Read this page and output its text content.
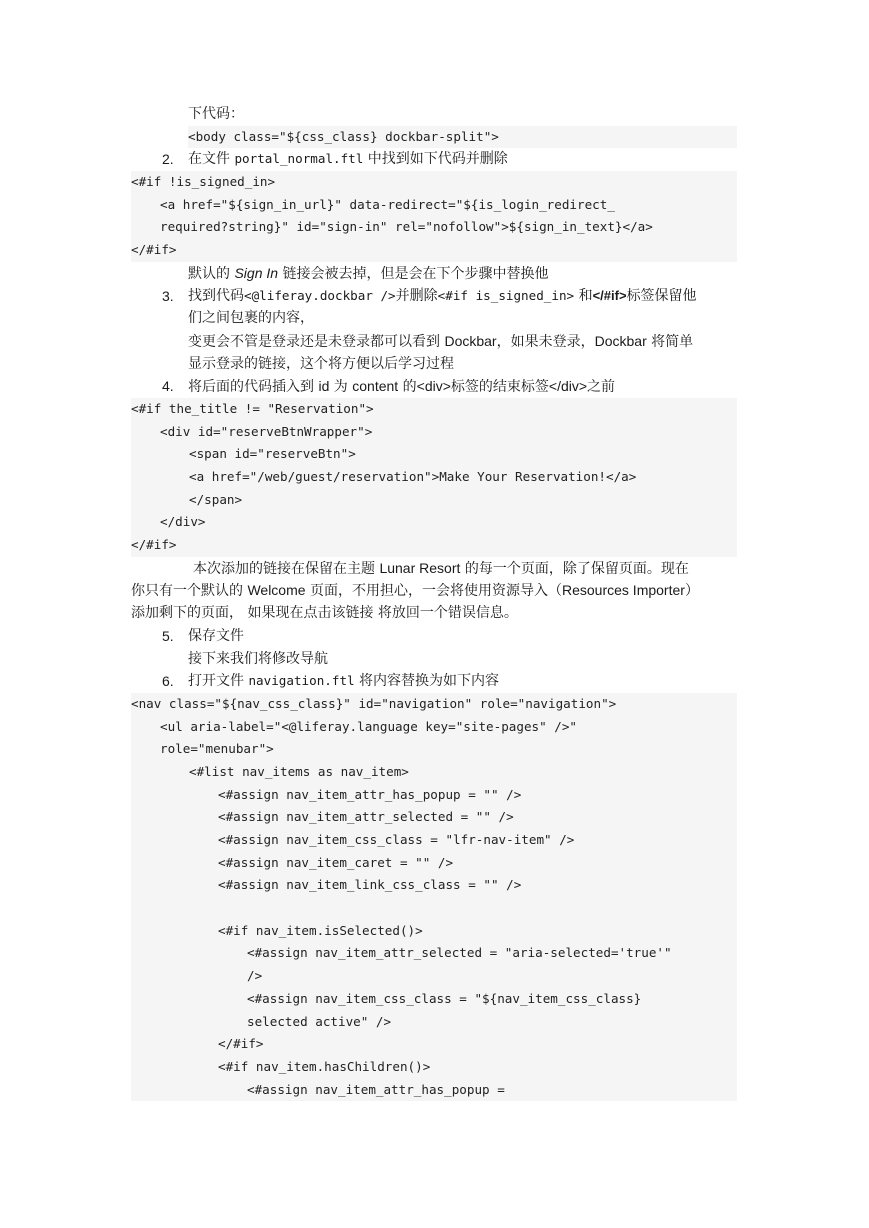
下代码：
<body class="${css_class} dockbar-split">
2. 在文件 portal_normal.ftl 中找到如下代码并删除
<#if !is_signed_in>
<a href="${sign_in_url}" data-redirect="${is_login_redirect_
required?string}" id="sign-in" rel="nofollow">${sign_in_text}</a>
</#if>
默认的 Sign In 链接会被去掉，但是会在下个步骤中替换他
3. 找到代码<@liferay.dockbar />并删除<#if is_signed_in> 和</#if>标签保留他
们之间包裹的内容，
变更会不管是登录还是未登录都可以看到 Dockbar，如果未登录，Dockbar 将简单
显示登录的链接，这个将方便以后学习过程
4. 将后面的代码插入到 id 为 content 的<div>标签的结束标签</div>之前
<#if the_title != "Reservation">
<div id="reserveBtnWrapper">
<span id="reserveBtn">
<a href="/web/guest/reservation">Make Your Reservation!</a>
</span>
</div>
</#if>
本次添加的链接在保留在主题 Lunar Resort 的每一个页面，除了保留页面。现在
你只有一个默认的 Welcome 页面，不用担心，一会将使用资源导入（Resources Importer）
添加剩下的页面， 如果现在点击该链接 将放回一个错误信息。
5. 保存文件
接下来我们将修改导航
6. 打开文件 navigation.ftl 将内容替换为如下内容
<nav class="${nav_css_class}" id="navigation" role="navigation">
<ul aria-label="<@liferay.language key="site-pages" />"
role="menubar">
<#list nav_items as nav_item>
<#assign nav_item_attr_has_popup = "" />
<#assign nav_item_attr_selected = "" />
<#assign nav_item_css_class = "lfr-nav-item" />
<#assign nav_item_caret = "" />
<#assign nav_item_link_css_class = "" />
<#if nav_item.isSelected()>
<#assign nav_item_attr_selected = "aria-selected='true'"
/>
<#assign nav_item_css_class = "${nav_item_css_class}
selected active" />
</#if>
<#if nav_item.hasChildren()>
<#assign nav_item_attr_has_popup =
